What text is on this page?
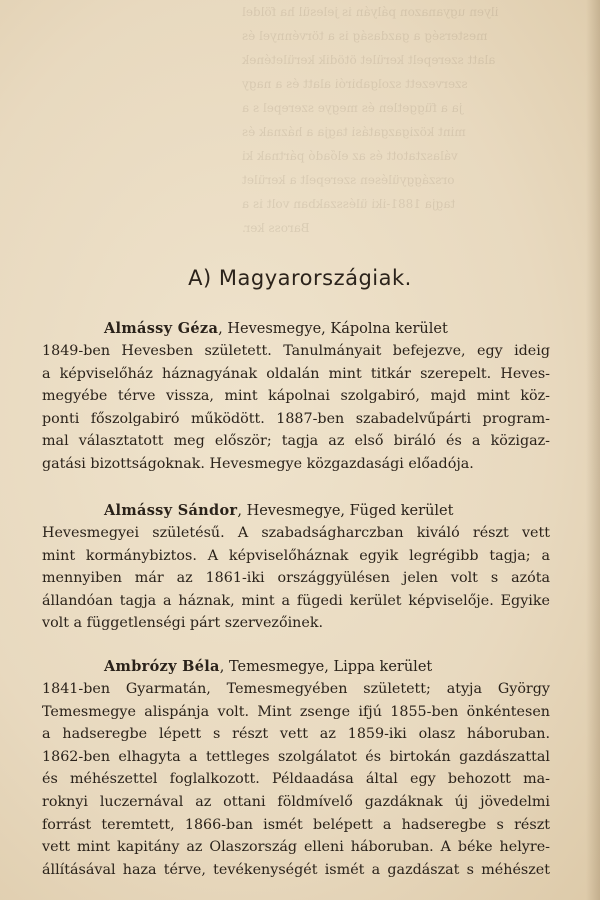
ilyen ugyanazon pályán is jelesül ha földel
mesterség a gazdaság is a törvénnyel és
alatt szerepelt kerület ötödik kerületének
szervezett szolgabirói alatt és a nagy
ja a független és megye szerepel s a
mint közigazgatási tagja a háznak és
választatott és az előadó pártnak ki
országgyülésen szerepelt a kerület
tagja 1881-iki ülésszakban volt is a
Baross ker.
A) Magyarországiak.
Almássy Géza, Hevesmegye, Kápolna kerület
1849-ben Hevesben született. Tanulmányait befejezve, egy ideig
a képviselőház háznagyának oldalán mint titkár szerepelt. Heves-
megyébe térve vissza, mint kápolnai szolgabiró, majd mint köz-
ponti főszolgabiró működött. 1887-ben szabadelvűpárti program-
mal választatott meg először; tagja az első biráló és a közigaz-
gatási bizottságoknak. Hevesmegye közgazdasági előadója.
Almássy Sándor, Hevesmegye, Füged kerület
Hevesmegyei születésű. A szabadságharczban kiváló részt vett
mint kormánybiztos. A képviselőháznak egyik legrégibb tagja; a
mennyiben már az 1861-iki országgyülésen jelen volt s azóta
állandóan tagja a háznak, mint a fügedi kerület képviselője. Egyike
volt a függetlenségi párt szervezőinek.
Ambrózy Béla, Temesmegye, Lippa kerület
1841-ben Gyarmatán, Temesmegyében született; atyja György
Temesmegye alispánja volt. Mint zsenge ifjú 1855-ben önkéntesen
a hadseregbe lépett s részt vett az 1859-iki olasz háboruban.
1862-ben elhagyta a tettleges szolgálatot és birtokán gazdászattal
és méhészettel foglalkozott. Példaadása által egy behozott ma-
roknyi luczernával az ottani földmívelő gazdáknak új jövedelmi
forrást teremtett, 1866-ban ismét belépett a hadseregbe s részt
vett mint kapitány az Olaszország elleni háboruban. A béke helyre-
állításával haza térve, tevékenységét ismét a gazdászat s méhészet
